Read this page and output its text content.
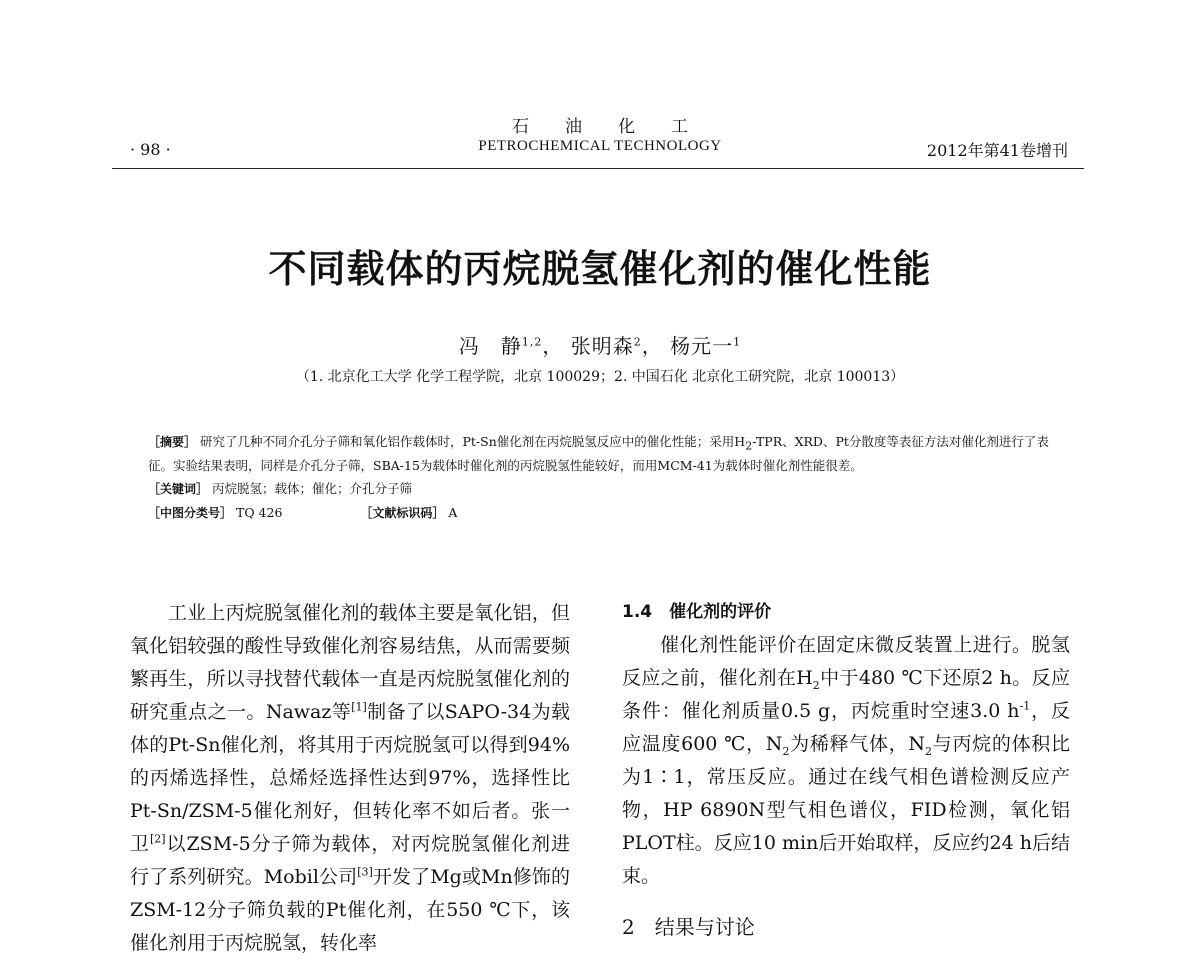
石油化工
PETROCHEMICAL TECHNOLOGY
· 98 ·	2012年第41卷增刊
不同载体的丙烷脱氢催化剂的催化性能
冯　静$^{1,2}$， 张明森$^2$， 杨元一$^1$
（1. 北京化工大学 化学工程学院，北京 100029；2. 中国石化 北京化工研究院，北京 100013）

［摘要］ 研究了几种不同介孔分子筛和氧化铝作载体时，Pt-Sn催化剂在丙烷脱氢反应中的催化性能；采用$H_2$-TPR、XRD、Pt分散度等表征方法对催化剂进行了表征。实验结果表明，同样是介孔分子筛，SBA-15为载体时催化剂的丙烷脱氢性能较好，而用MCM-41为载体时催化剂性能很差。

［关键词］ 丙烷脱氢；载体；催化；介孔分子筛

［中图分类号］ TQ 426	［文献标识码］ A

工业上丙烷脱氢催化剂的载体主要是氧化铝，但氧化铝较强的酸性导致催化剂容易结焦，从而需要频繁再生，所以寻找替代载体一直是丙烷脱氢催化剂的研究重点之一。Nawaz等[1]制备了以SAPO-34为载体的Pt-Sn催化剂，将其用于丙烷脱氢可以得到94%的丙烯选择性，总烯烃选择性达到97%，选择性比Pt-Sn/ZSM-5催化剂好，但转化率不如后者。张一卫[2]以ZSM-5分子筛为载体，对丙烷脱氢催化剂进行了系列研究。Mobil公司[3]开发了Mg或Mn修饰的ZSM-12分子筛负载的Pt催化剂，在550 ℃下，该催化剂用于丙烷脱氢，转化率

1.4　催化剂的评价

催化剂性能评价在固定床微反装置上进行。脱氢反应之前，催化剂在$H_2$中于480 ℃下还原2 h。反应条件：催化剂质量0.5 g，丙烷重时空速3.0 $h^{-1}$，反应温度600 ℃，$N_2$为稀释气体，$N_2$与丙烷的体积比为1∶1，常压反应。通过在线气相色谱检测反应产物，HP 6890N型气相色谱仪，FID检测，氧化铝PLOT柱。反应10 min后开始取样，反应约24 h后结束。

2　结果与讨论
